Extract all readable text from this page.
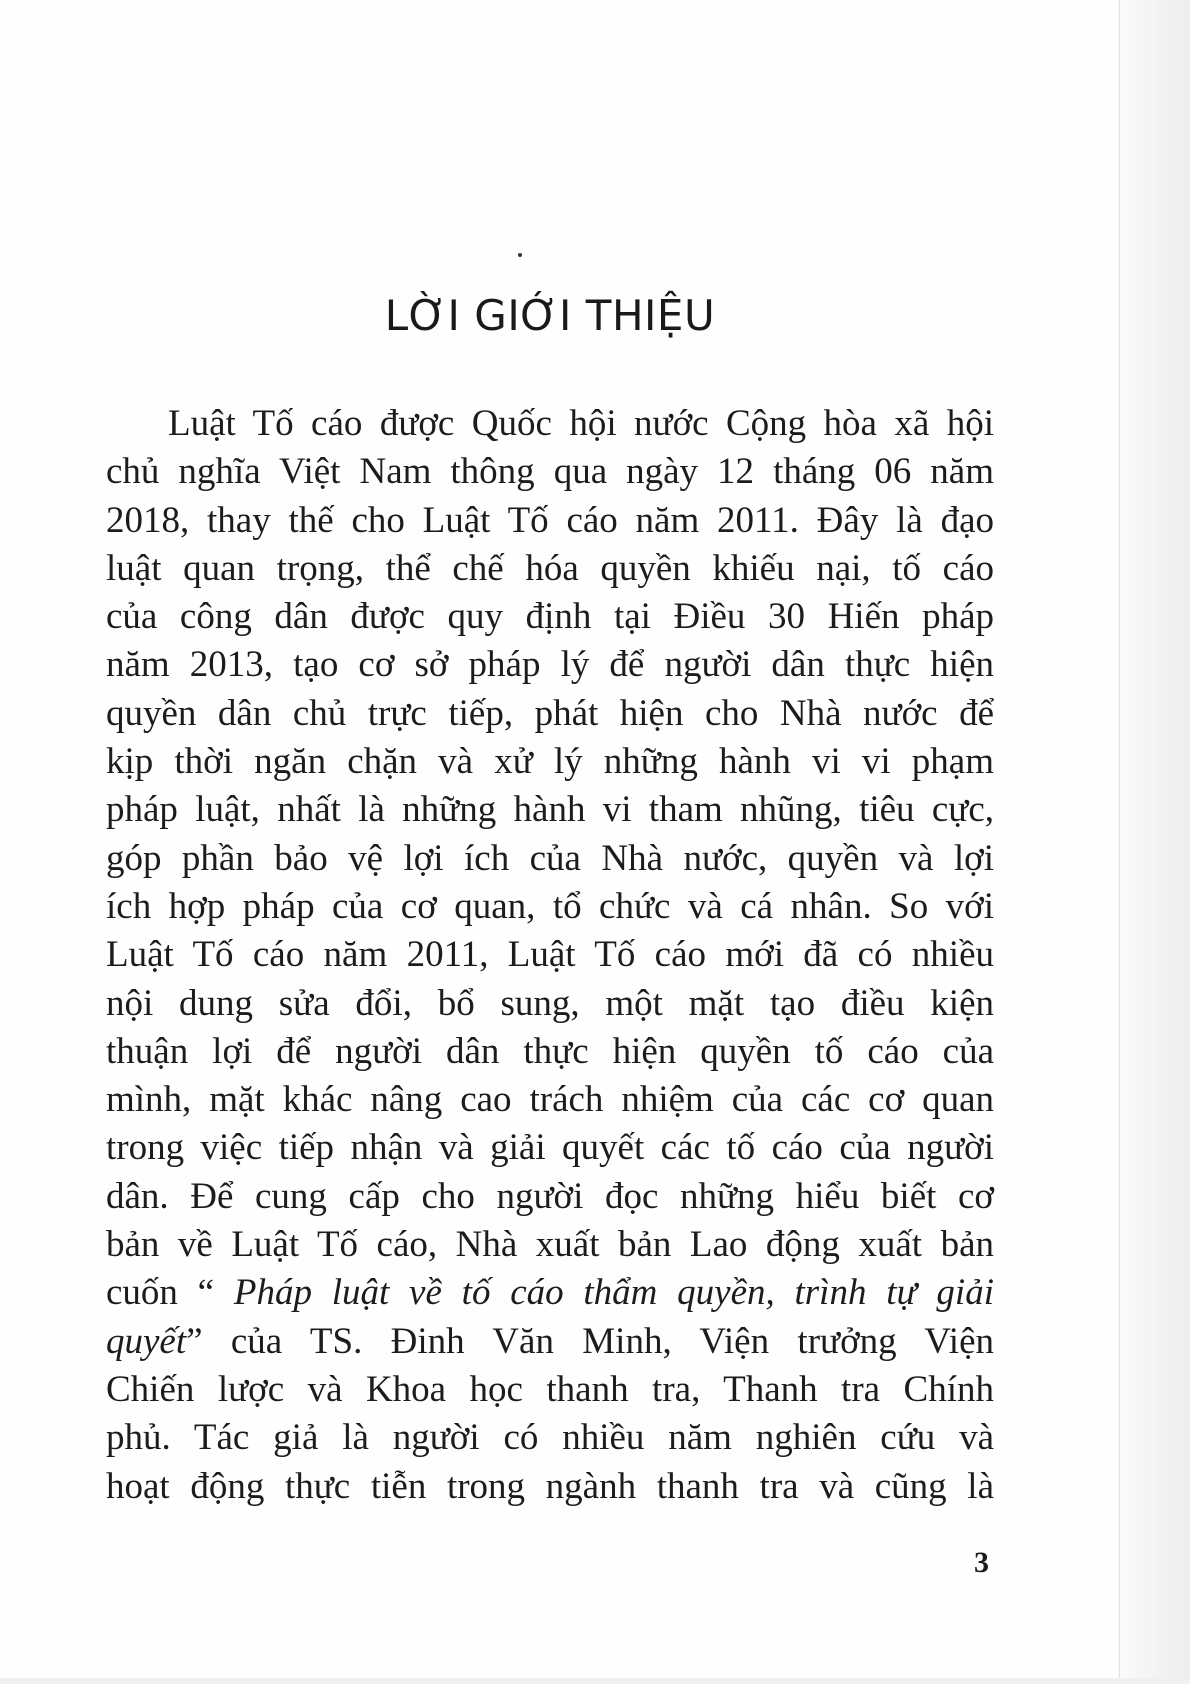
LỜI GIỚI THIỆU
Luật Tố cáo được Quốc hội nước Cộng hòa xã hội
chủ nghĩa Việt Nam thông qua ngày 12 tháng 06 năm
2018, thay thế cho Luật Tố cáo năm 2011. Đây là đạo
luật quan trọng, thể chế hóa quyền khiếu nại, tố cáo
của công dân được quy định tại Điều 30 Hiến pháp
năm 2013, tạo cơ sở pháp lý để người dân thực hiện
quyền dân chủ trực tiếp, phát hiện cho Nhà nước để
kịp thời ngăn chặn và xử lý những hành vi vi phạm
pháp luật, nhất là những hành vi tham nhũng, tiêu cực,
góp phần bảo vệ lợi ích của Nhà nước, quyền và lợi
ích hợp pháp của cơ quan, tổ chức và cá nhân. So với
Luật Tố cáo năm 2011, Luật Tố cáo mới đã có nhiều
nội dung sửa đổi, bổ sung, một mặt tạo điều kiện
thuận lợi để người dân thực hiện quyền tố cáo của
mình, mặt khác nâng cao trách nhiệm của các cơ quan
trong việc tiếp nhận và giải quyết các tố cáo của người
dân. Để cung cấp cho người đọc những hiểu biết cơ
bản về Luật Tố cáo, Nhà xuất bản Lao động xuất bản
cuốn “ Pháp luật về tố cáo thẩm quyền, trình tự giải
quyết” của TS. Đinh Văn Minh, Viện trưởng Viện
Chiến lược và Khoa học thanh tra, Thanh tra Chính
phủ. Tác giả là người có nhiều năm nghiên cứu và
hoạt động thực tiễn trong ngành thanh tra và cũng là
3
